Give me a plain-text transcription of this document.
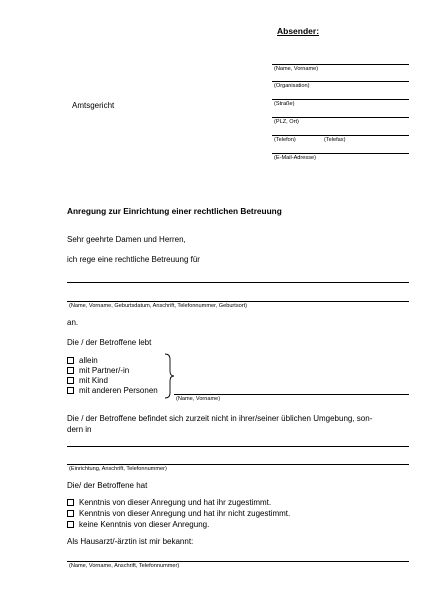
Absender:
(Name, Vorname)
(Organisation)
(Straße)
(PLZ, Ort)
(Telefon)	(Telefax)
(E-Mail-Adresse)
Amtsgericht
Anregung zur Einrichtung einer rechtlichen Betreuung
Sehr geehrte Damen und Herren,
ich rege eine rechtliche Betreuung für
(Name, Vorname, Geburtsdatum, Anschrift, Telefonnummer, Geburtsort)
an.
Die / der Betroffene lebt
allein
mit Partner/-in
mit Kind
mit anderen Personen
(Name, Vorname)
Die / der Betroffene befindet sich zurzeit nicht in ihrer/seiner üblichen Umgebung, son-
dern in
(Einrichtung, Anschrift, Telefonnummer)
Die/ der Betroffene hat
Kenntnis von dieser Anregung und hat ihr zugestimmt.
Kenntnis von dieser Anregung und hat ihr nicht zugestimmt.
keine Kenntnis von dieser Anregung.
Als Hausarzt/-ärztin ist mir bekannt:
(Name, Vorname, Anschrift, Telefonnummer)
